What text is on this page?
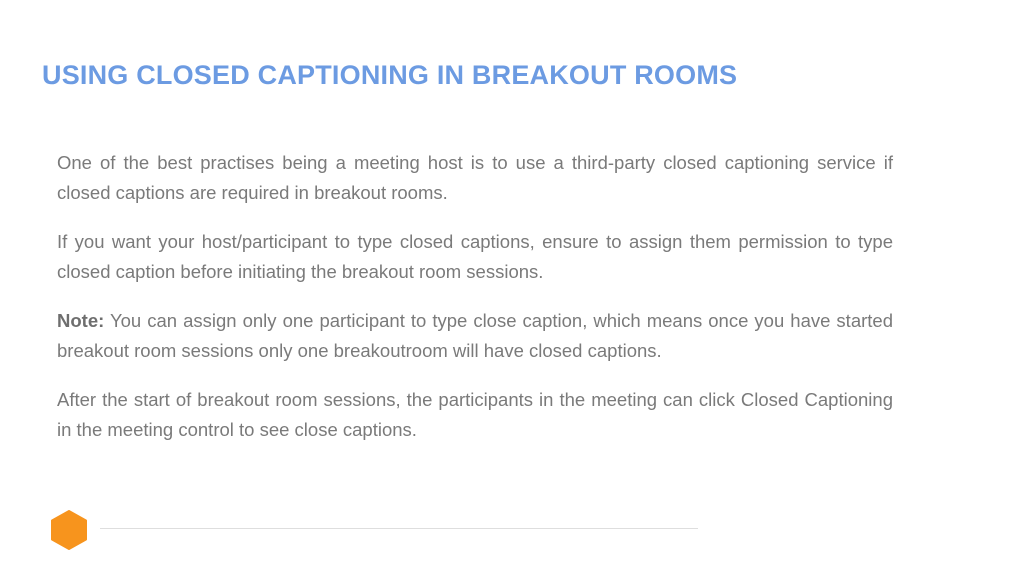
USING CLOSED CAPTIONING IN BREAKOUT ROOMS

One of the best practises being a meeting host is to use a third-party closed captioning service if closed captions are required in breakout rooms.

If you want your host/participant to type closed captions, ensure to assign them permission to type closed caption before initiating the breakout room sessions.

Note: You can assign only one participant to type close caption, which means once you have started breakout room sessions only one breakoutroom will have closed captions.

After the start of breakout room sessions, the participants in the meeting can click Closed Captioning in the meeting control to see close captions.
